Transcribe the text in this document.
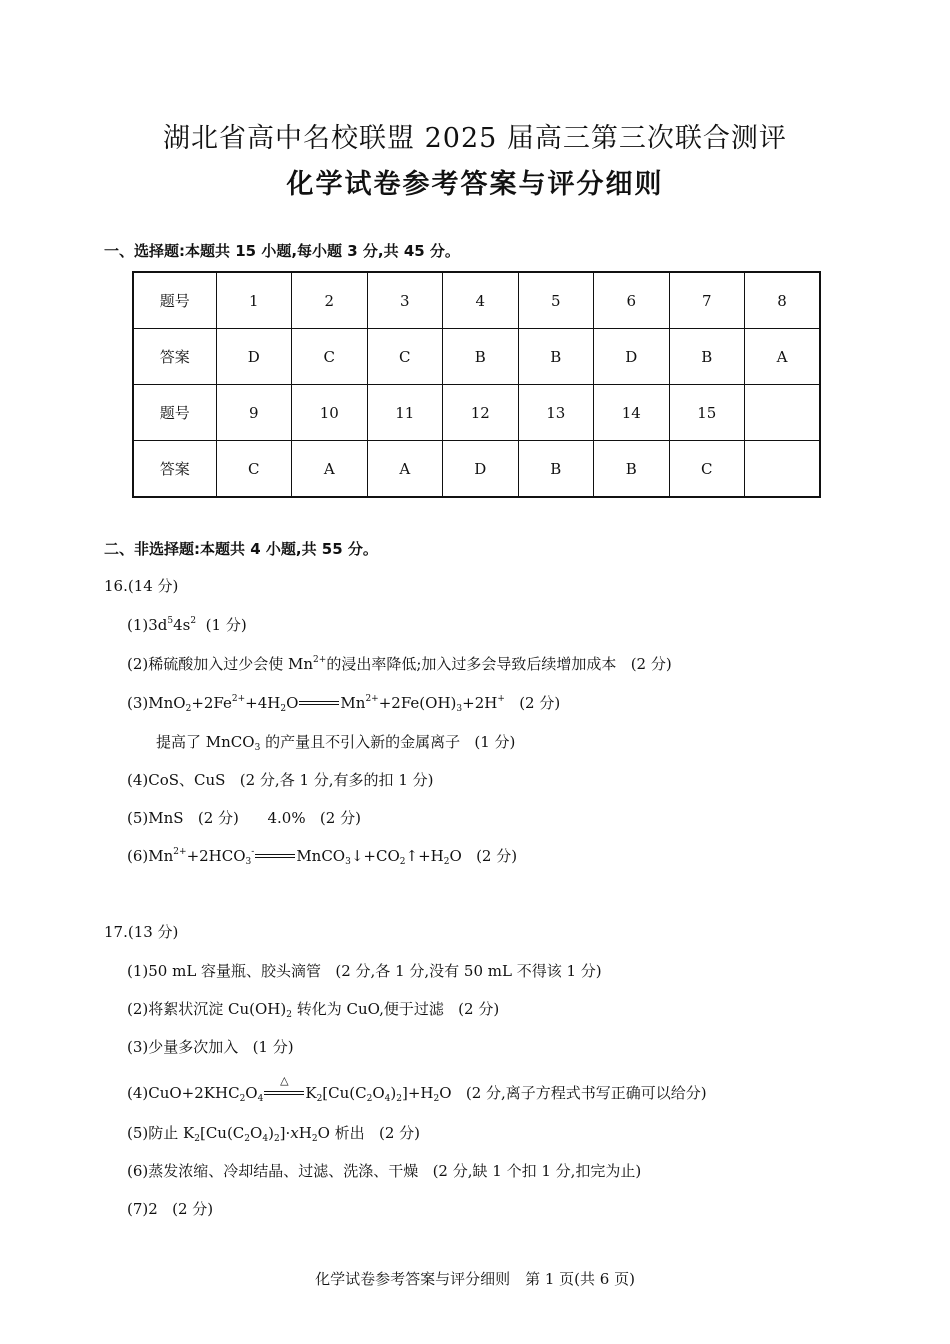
湖北省高中名校联盟 2025 届高三第三次联合测评
化学试卷参考答案与评分细则
一、选择题:本题共 15 小题,每小题 3 分,共 45 分。
题号	1	2	3	4	5	6	7	8
答案	D	C	C	B	B	D	B	A
题号	9	10	11	12	13	14	15	
答案	C	A	A	D	B	B	C	
二、非选择题:本题共 4 小题,共 55 分。
16.(14 分)
$(1)3d^54s^2$ (1 分)
(2)稀硫酸加入过少会使 $Mn^{2+}$的浸出率降低;加入过多会导致后续增加成本 (2 分)
$(3)MnO_2+2Fe^{2+}+4H_2O$	$Mn^{2+}+2Fe(OH)_3+2H^+$ (2 分)
提高了 MnCO$_3$ 的产量且不引入新的金属离子 (1 分)
(4)CoS、CuS (2 分,各 1 分,有多的扣 1 分)
(5)MnS (2 分) 4.0% (2 分)
$(6)Mn^{2+}+2HCO_3^-$	$MnCO_3↓+CO_2↑+H_2O$ (2 分)
17.(13 分)
(1)50 mL 容量瓶、胶头滴管 (2 分,各 1 分,没有 50 mL 不得该 1 分)
(2)将絮状沉淀 $Cu(OH)_2$ 转化为 CuO,便于过滤 (2 分)
(3)少量多次加入 (1 分)
$(4)CuO+2KHC_2O_4$
△
$K_2[Cu(C_2O_4)_2]+H_2O$ (2 分,离子方程式书写正确可以给分)
(5)防止 $K_2[Cu(C_2O_4)_2]\cdot xH_2O$ 析出 (2 分)
(6)蒸发浓缩、冷却结晶、过滤、洗涤、干燥 (2 分,缺 1 个扣 1 分,扣完为止)
(7)2 (2 分)
化学试卷参考答案与评分细则　第 1 页(共 6 页)
